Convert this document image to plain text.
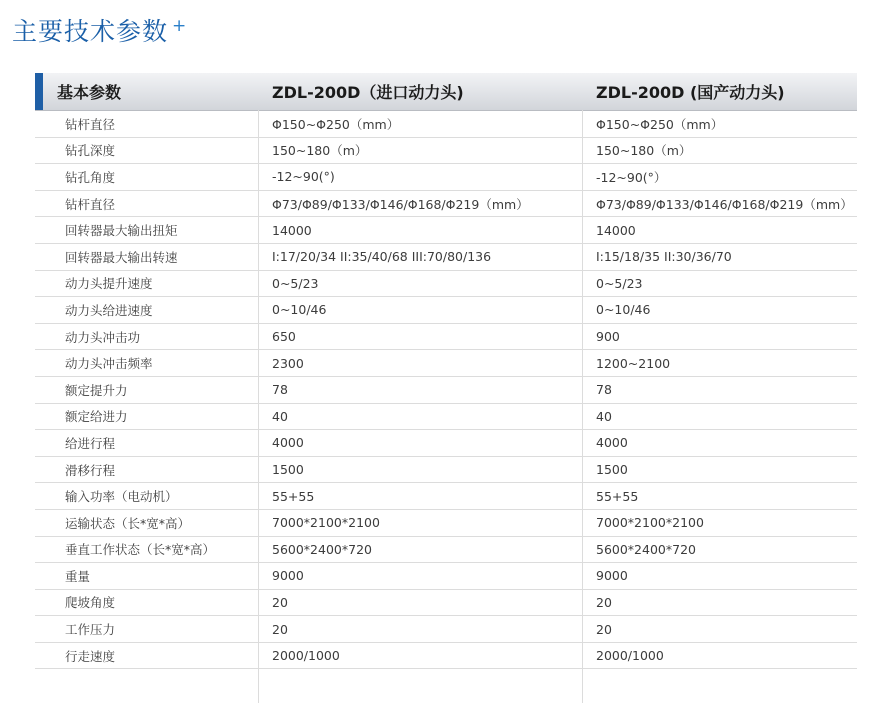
主要技术参数 +
基本参数	ZDL-200D（进口动力头)	ZDL-200D (国产动力头)
钻杆直径	Φ150~Φ250（mm）	Φ150~Φ250（mm）
钻孔深度	150~180（m）	150~180（m）
钻孔角度	-12~90(°)	-12~90(°）
钻杆直径	Φ73/Φ89/Φ133/Φ146/Φ168/Φ219（mm）	Φ73/Φ89/Φ133/Φ146/Φ168/Φ219（mm）
回转器最大输出扭矩	14000	14000
回转器最大输出转速	I:17/20/34 II:35/40/68 III:70/80/136	I:15/18/35 II:30/36/70
动力头提升速度	0~5/23	0~5/23
动力头给进速度	0~10/46	0~10/46
动力头冲击功	650	900
动力头冲击频率	2300	1200~2100
额定提升力	78	78
额定给进力	40	40
给进行程	4000	4000
滑移行程	1500	1500
输入功率（电动机）	55+55	55+55
运输状态（长*宽*高）	7000*2100*2100	7000*2100*2100
垂直工作状态（长*宽*高）	5600*2400*720	5600*2400*720
重量	9000	9000
爬坡角度	20	20
工作压力	20	20
行走速度	2000/1000	2000/1000
